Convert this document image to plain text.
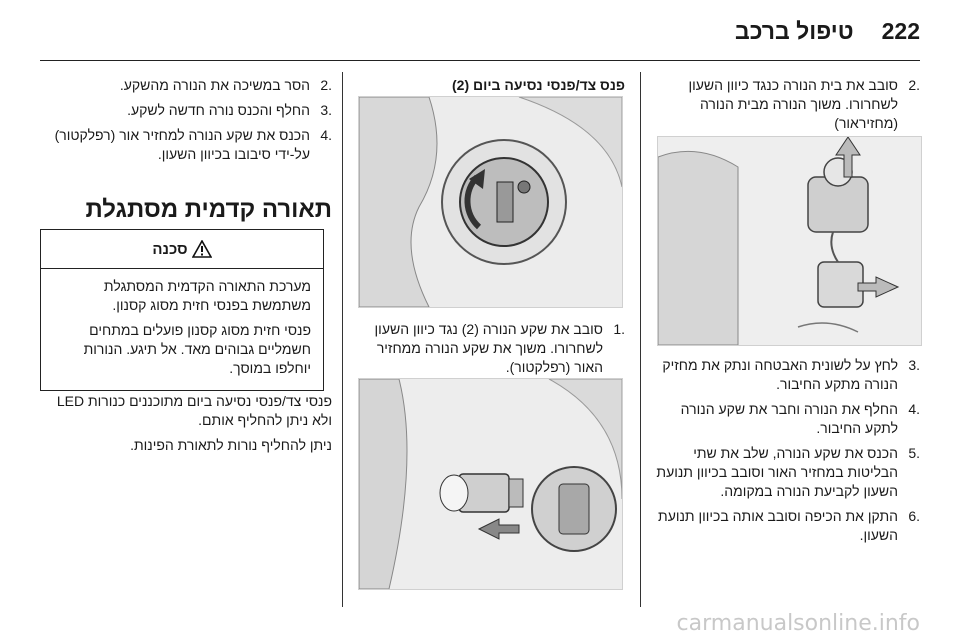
222
טיפול ברכב
.2
סובב את בית הנורה כנגד כיוון השעון לשחרורו. משוך הנורה מבית הנורה (מחזיראור)
.3
לחץ על לשונית האבטחה ונתק את מחזיק הנורה מתקע החיבור.
.4
החלף את הנורה וחבר את שקע הנורה לתקע החיבור.
.5
הכנס את שקע הנורה, שלב את שתי הבליטות במחזיר האור וסובב בכיוון תנועת השעון לקביעת הנורה במקומה.
.6
התקן את הכיפה וסובב אותה בכיוון תנועת השעון.
פנס צד/פנסי נסיעה ביום (2)
.1
סובב את שקע הנורה (2) נגד כיוון השעון לשחרורו. משוך את שקע הנורה ממחזיר האור (רפלקטור).
.2
הסר במשיכה את הנורה מהשקע.
.3
החלף והכנס נורה חדשה לשקע.
.4
הכנס את שקע הנורה למחזיר אור (רפלקטור) על-ידי סיבובו בכיוון השעון.
תאורה קדמית מסתגלת
סכנה

מערכת התאורה הקדמית המסתגלת משתמשת בפנסי חזית מסוג קסנון.

פנסי חזית מסוג קסנון פועלים במתחים חשמליים גבוהים מאד. אל תיגע. הנורות יוחלפו במוסך.

פנסי צד/פנסי נסיעה ביום מתוכננים כנורות LED ולא ניתן להחליף אותם.

ניתן להחליף נורות לתאורת הפינות.

carmanualsonline.info
